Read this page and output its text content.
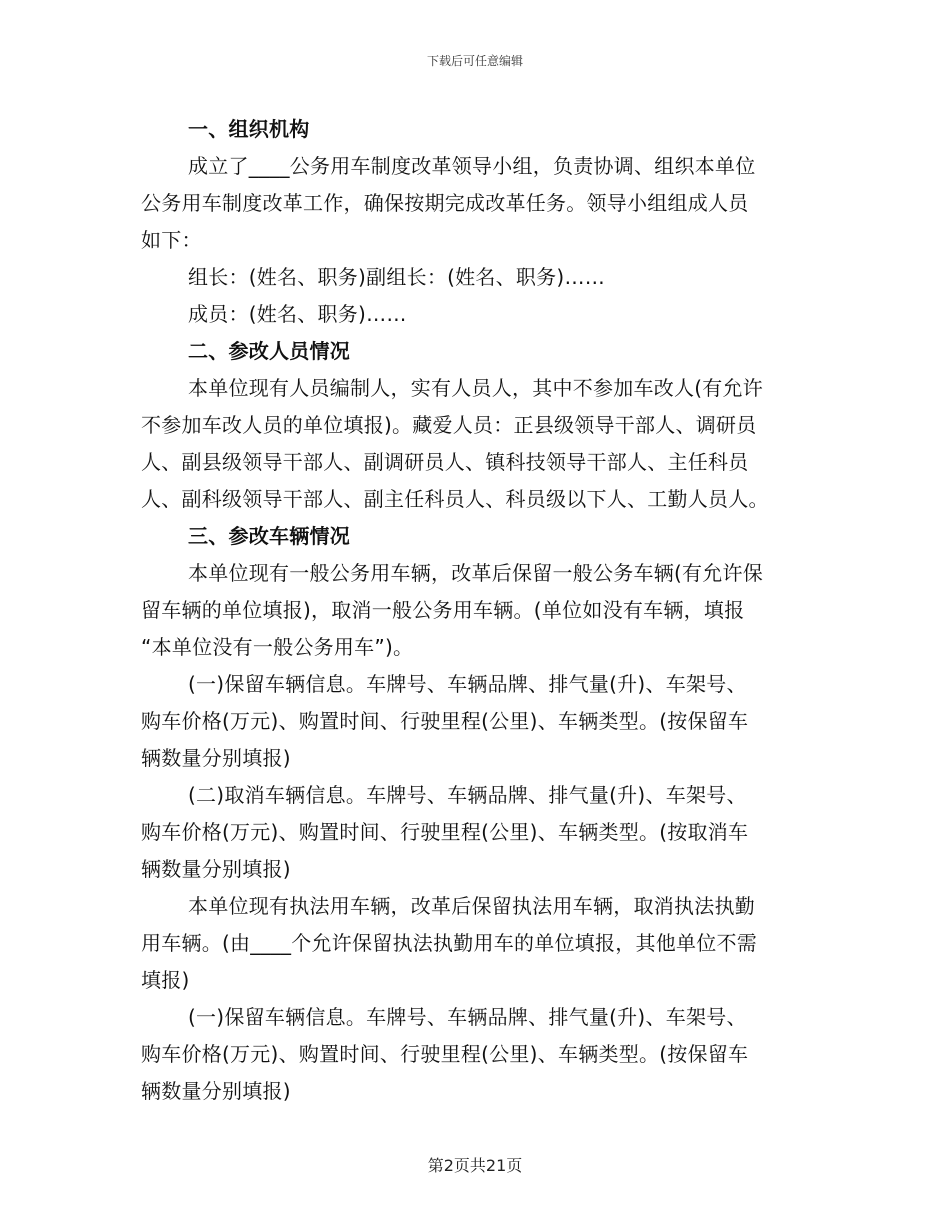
下载后可任意编辑
一、组织机构
成立了____公务用车制度改革领导小组，负责协调、组织本单位
公务用车制度改革工作，确保按期完成改革任务。领导小组组成人员
如下：
组长：(姓名、职务)副组长：(姓名、职务)……
成员：(姓名、职务)……
二、参改人员情况
本单位现有人员编制人，实有人员人，其中不参加车改人(有允许
不参加车改人员的单位填报)。藏爱人员：正县级领导干部人、调研员
人、副县级领导干部人、副调研员人、镇科技领导干部人、主任科员
人、副科级领导干部人、副主任科员人、科员级以下人、工勤人员人。
三、参改车辆情况
本单位现有一般公务用车辆，改革后保留一般公务车辆(有允许保
留车辆的单位填报)，取消一般公务用车辆。(单位如没有车辆，填报
“本单位没有一般公务用车”)。
(一)保留车辆信息。车牌号、车辆品牌、排气量(升)、车架号、
购车价格(万元)、购置时间、行驶里程(公里)、车辆类型。(按保留车
辆数量分别填报)
(二)取消车辆信息。车牌号、车辆品牌、排气量(升)、车架号、
购车价格(万元)、购置时间、行驶里程(公里)、车辆类型。(按取消车
辆数量分别填报)
本单位现有执法用车辆，改革后保留执法用车辆，取消执法执勤
用车辆。(由____个允许保留执法执勤用车的单位填报，其他单位不需
填报)
(一)保留车辆信息。车牌号、车辆品牌、排气量(升)、车架号、
购车价格(万元)、购置时间、行驶里程(公里)、车辆类型。(按保留车
辆数量分别填报)
第2页共21页
